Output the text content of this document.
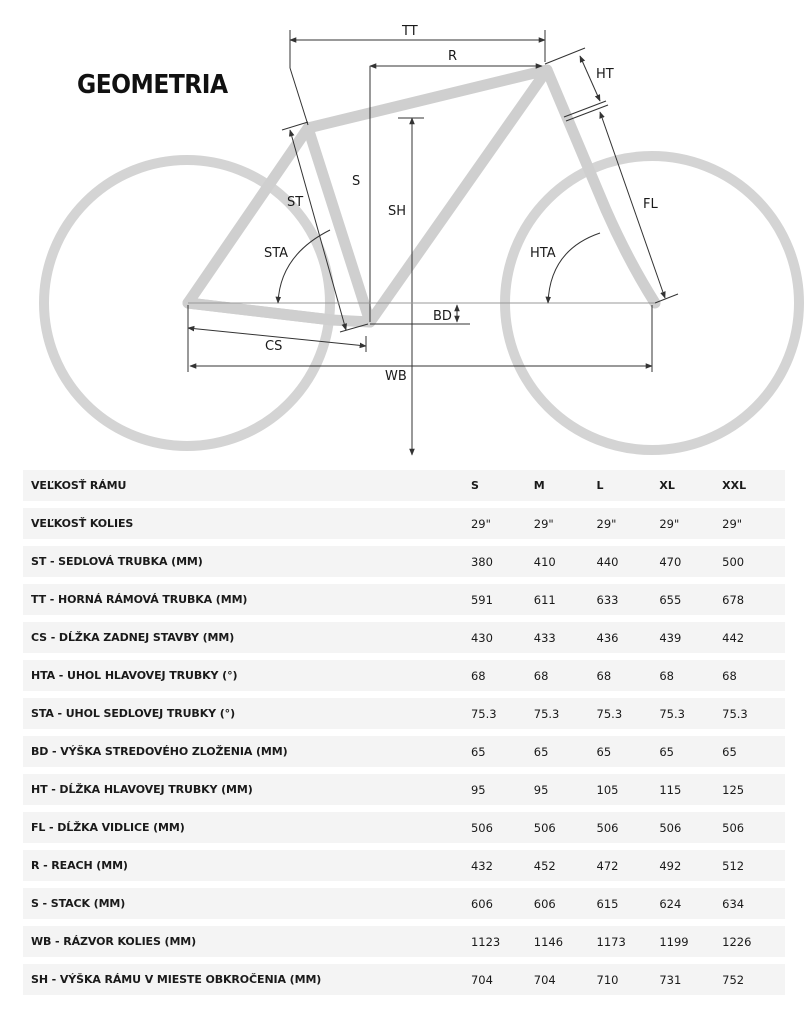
GEOMETRIA
TT
R
HT
S
ST
SH	FL
STA	HTA
BD
CS
WB
VEĽKOSŤ RÁMU	S	M	L	XL	XXL

VEĽKOSŤ KOLIES	29"	29"	29"	29"	29"

ST - SEDLOVÁ TRUBKA (MM)	380	410	440	470	500

TT - HORNÁ RÁMOVÁ TRUBKA (MM)	591	611	633	655	678

CS - DĹŽKA ZADNEJ STAVBY (MM)	430	433	436	439	442

HTA - UHOL HLAVOVEJ TRUBKY (°)	68	68	68	68	68

STA - UHOL SEDLOVEJ TRUBKY (°)	75.3	75.3	75.3	75.3	75.3

BD - VÝŠKA STREDOVÉHO ZLOŽENIA (MM)	65	65	65	65	65

HT - DĹŽKA HLAVOVEJ TRUBKY (MM)	95	95	105	115	125

FL - DĹŽKA VIDLICE (MM)	506	506	506	506	506

R - REACH (MM)	432	452	472	492	512

S - STACK (MM)	606	606	615	624	634

WB - RÁZVOR KOLIES (MM)	1123	1146	1173	1199	1226

SH - VÝŠKA RÁMU V MIESTE OBKROČENIA (MM)	704	704	710	731	752
